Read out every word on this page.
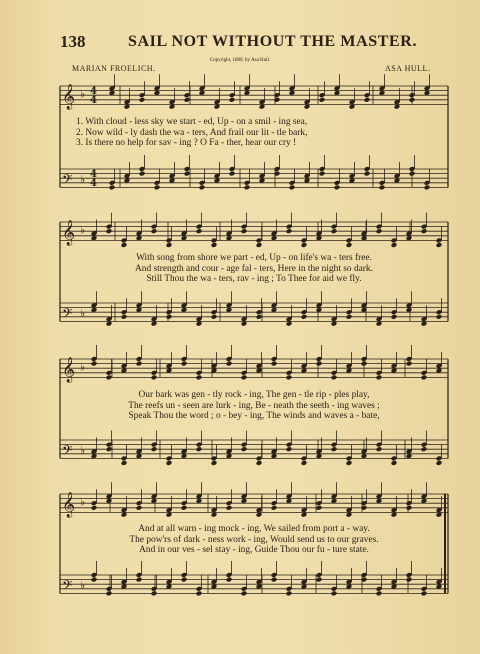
138	SAIL NOT WITHOUT THE MASTER.
Copyright, 1880, by Asa Hull.
MARIAN FROELICH.	ASA HULL.
𝄞 ♭
𝄢 ♭
𝄞 ♭
𝄢 ♭
𝄞 ♭
𝄢 ♭
𝄞 ♭
𝄢 ♭
4
4
4
4
1. With cloud - less sky we start - ed, Up - on a smil - ing sea,
2. Now wild - ly dash the wa - ters, And frail our lit - tle bark,
3. Is there no help for sav - ing ? O Fa - ther, hear our cry !
With song from shore we part - ed, Up - on life's wa - ters free.
And strength and cour - age fal - ters, Here in the night so dark.
Still Thou the wa - ters, rav - ing ; To Thee for aid we fly.
Our bark was gen - tly rock - ing, The gen - tle rip - ples play,
The reefs un - seen are lurk - ing, Be - neath the seeth - ing waves ;
Speak Thou the word ; o - bey - ing, The winds and waves a - bate,
And at all warn - ing mock - ing, We sailed from port a - way.
The pow'rs of dark - ness work - ing, Would send us to our graves.
And in our ves - sel stay - ing, Guide Thou our fu - ture state.
